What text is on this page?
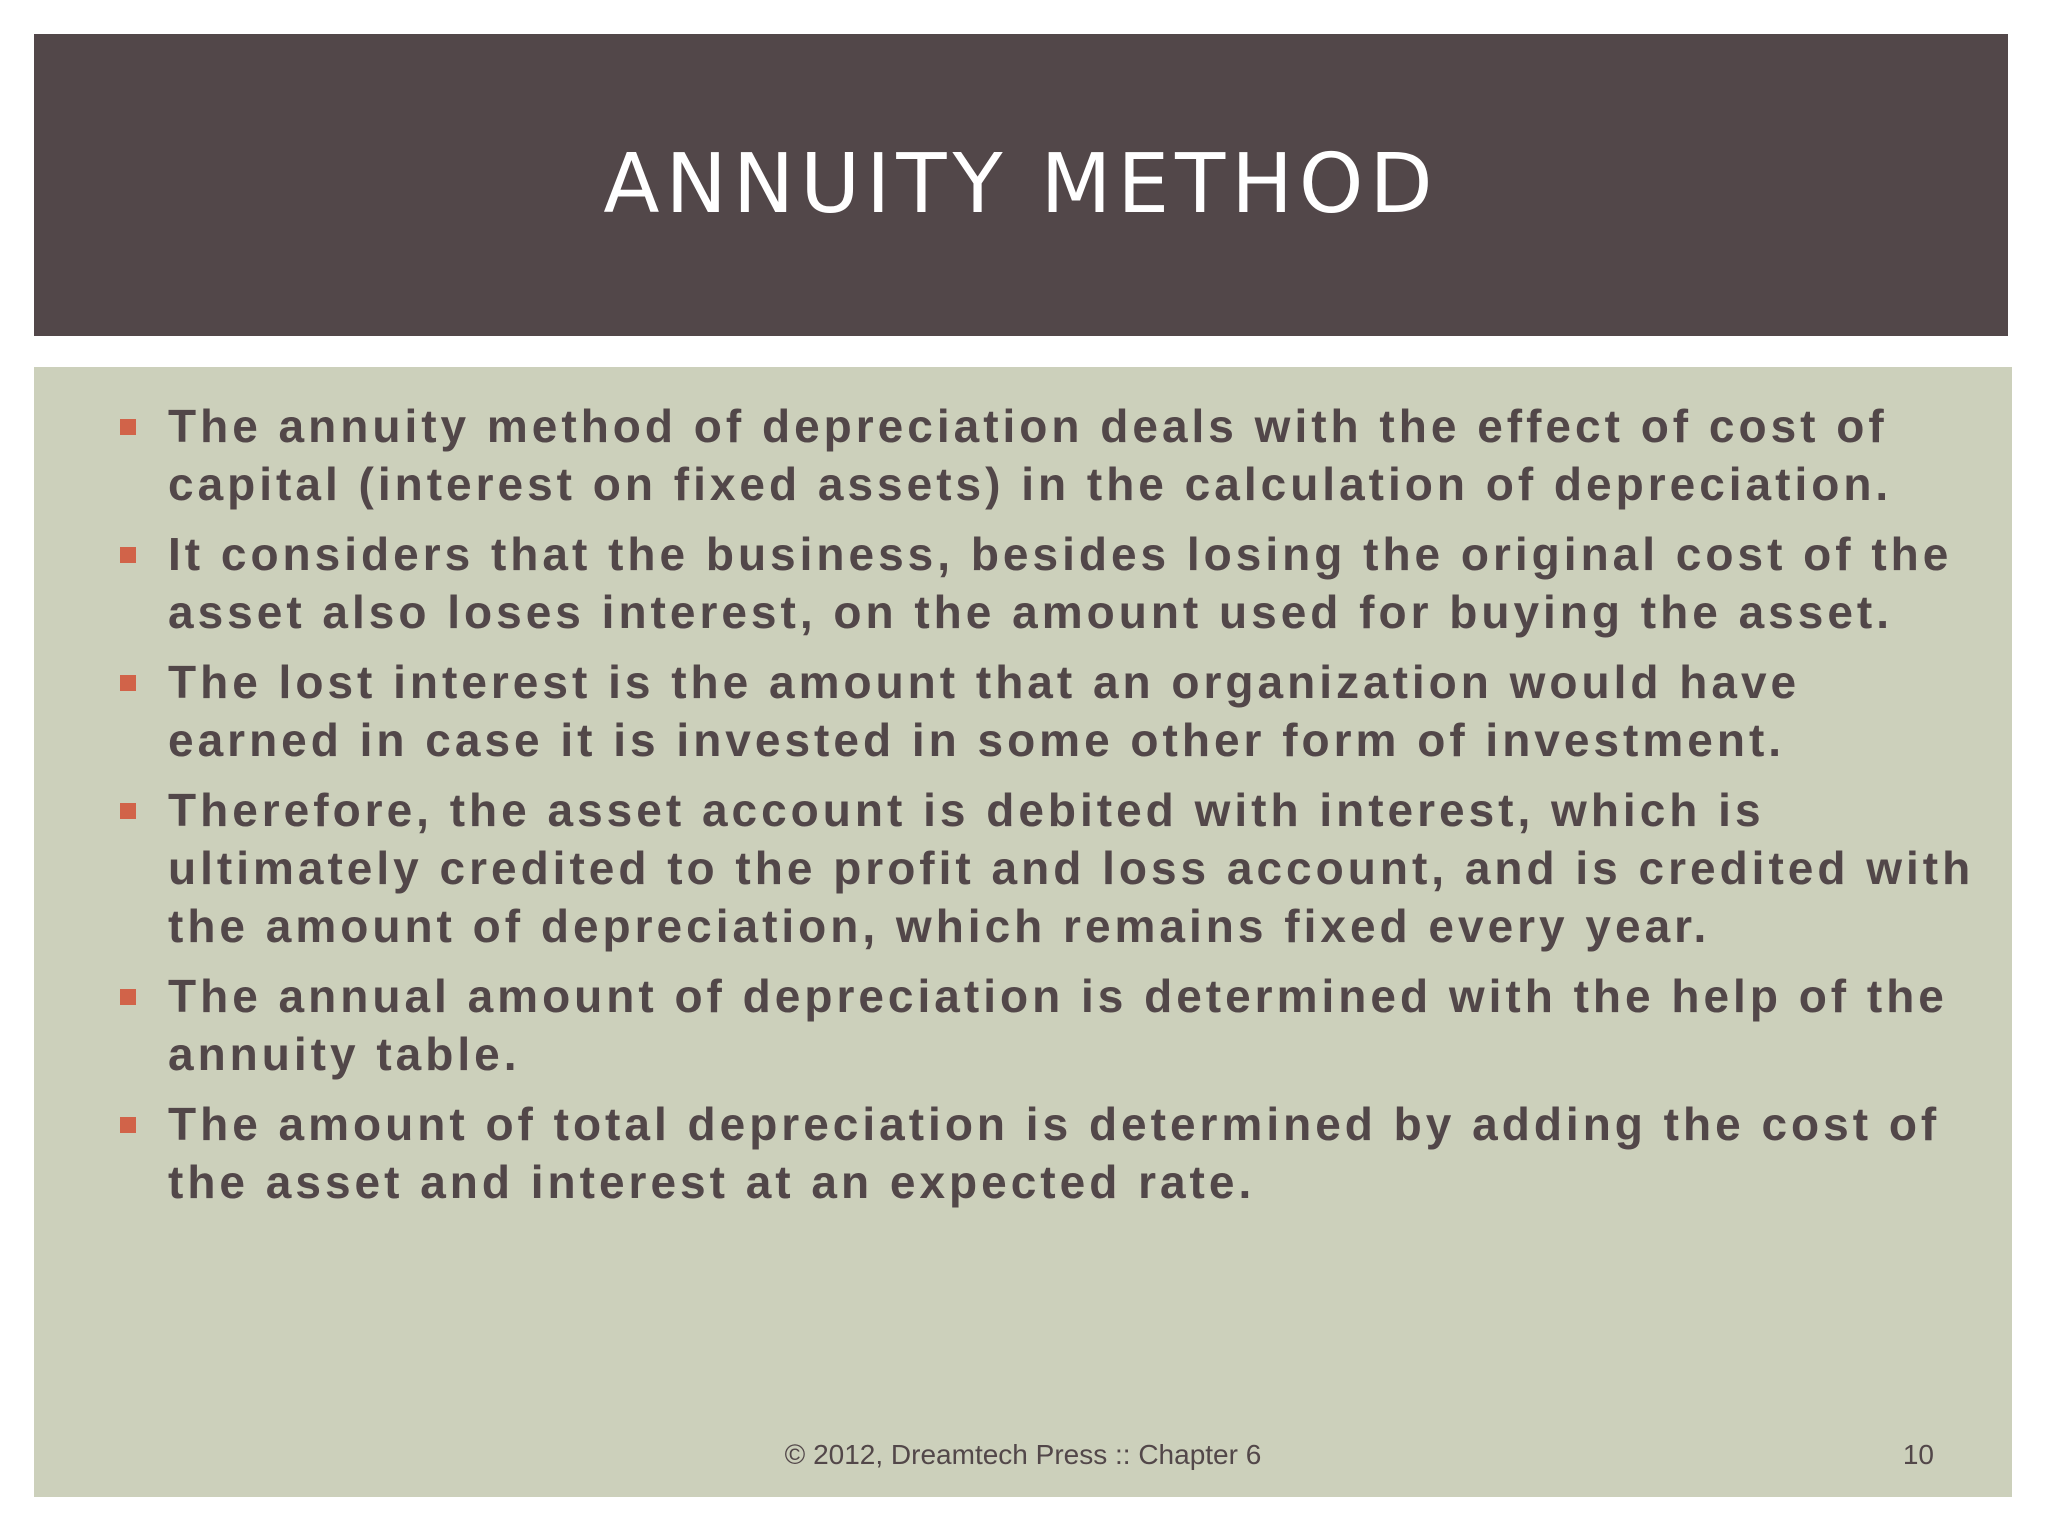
ANNUITY METHOD
The annuity method of depreciation deals with the effect of cost of capital (interest on fixed assets) in the calculation of depreciation.
It considers that the business, besides losing the original cost of the asset also loses interest, on the amount used for buying the asset.
The lost interest is the amount that an organization would have earned in case it is invested in some other form of investment.
Therefore, the asset account is debited with interest, which is ultimately credited to the profit and loss account, and is credited with the amount of depreciation, which remains fixed every year.
The annual amount of depreciation is determined with the help of the annuity table.
The amount of total depreciation is determined by adding the cost of the asset and interest at an expected rate.
© 2012, Dreamtech Press :: Chapter 6	10
